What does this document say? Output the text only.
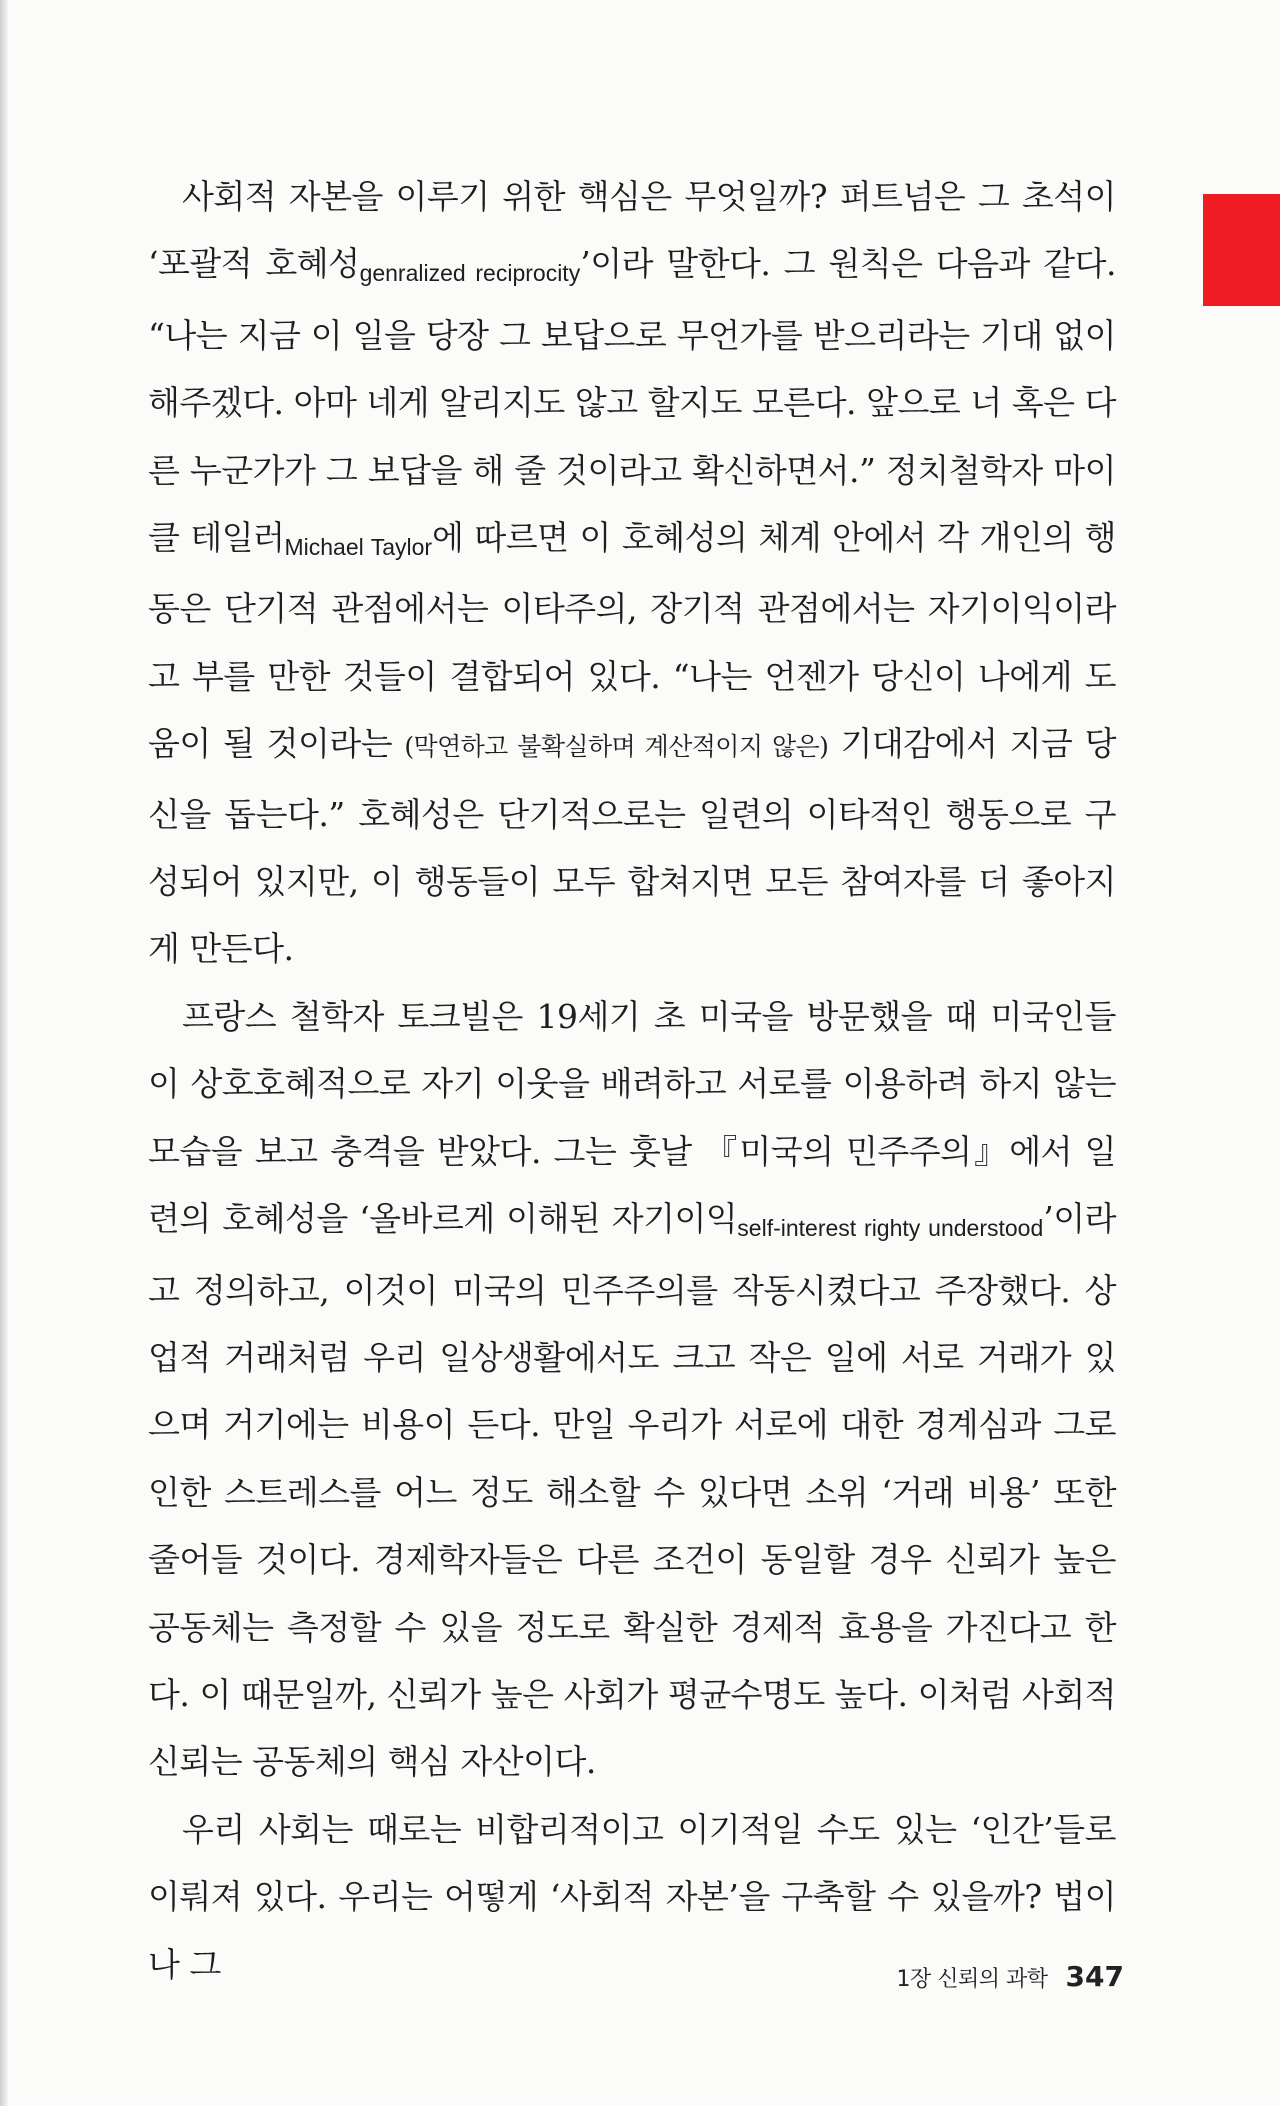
사회적 자본을 이루기 위한 핵심은 무엇일까? 퍼트넘은 그 초석이 ‘포괄적 호혜성genralized reciprocity’이라 말한다. 그 원칙은 다음과 같다. “나는 지금 이 일을 당장 그 보답으로 무언가를 받으리라는 기대 없이 해주겠다. 아마 네게 알리지도 않고 할지도 모른다. 앞으로 너 혹은 다른 누군가가 그 보답을 해 줄 것이라고 확신하면서.” 정치철학자 마이클 테일러Michael Taylor에 따르면 이 호혜성의 체계 안에서 각 개인의 행동은 단기적 관점에서는 이타주의, 장기적 관점에서는 자기이익이라고 부를 만한 것들이 결합되어 있다. “나는 언젠가 당신이 나에게 도움이 될 것이라는 (막연하고 불확실하며 계산적이지 않은) 기대감에서 지금 당신을 돕는다.” 호혜성은 단기적으로는 일련의 이타적인 행동으로 구성되어 있지만, 이 행동들이 모두 합쳐지면 모든 참여자를 더 좋아지게 만든다.

프랑스 철학자 토크빌은 19세기 초 미국을 방문했을 때 미국인들이 상호호혜적으로 자기 이웃을 배려하고 서로를 이용하려 하지 않는 모습을 보고 충격을 받았다. 그는 훗날 『미국의 민주주의』에서 일련의 호혜성을 ‘올바르게 이해된 자기이익self-interest righty understood’이라고 정의하고, 이것이 미국의 민주주의를 작동시켰다고 주장했다. 상업적 거래처럼 우리 일상생활에서도 크고 작은 일에 서로 거래가 있으며 거기에는 비용이 든다. 만일 우리가 서로에 대한 경계심과 그로 인한 스트레스를 어느 정도 해소할 수 있다면 소위 ‘거래 비용’ 또한 줄어들 것이다. 경제학자들은 다른 조건이 동일할 경우 신뢰가 높은 공동체는 측정할 수 있을 정도로 확실한 경제적 효용을 가진다고 한다. 이 때문일까, 신뢰가 높은 사회가 평균수명도 높다. 이처럼 사회적 신뢰는 공동체의 핵심 자산이다.

우리 사회는 때로는 비합리적이고 이기적일 수도 있는 ‘인간’들로 이뤄져 있다. 우리는 어떻게 ‘사회적 자본’을 구축할 수 있을까? 법이나 그	1장 신뢰의 과학 347
